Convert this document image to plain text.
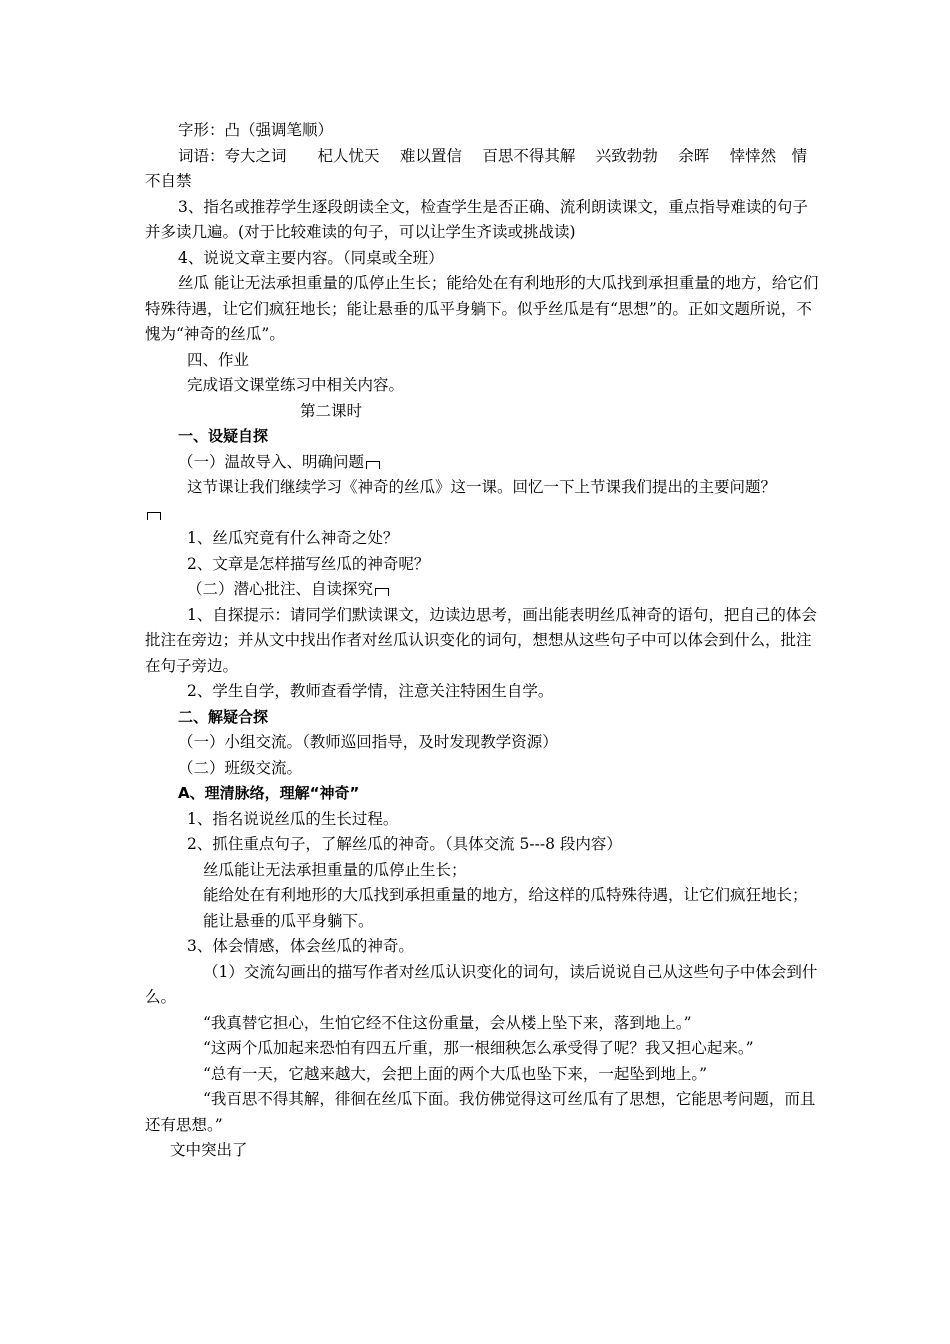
字形：凸（强调笔顺）

词语：夸大之词　　杞人忧天　 难以置信　 百思不得其解　 兴致勃勃　 余晖　 悻悻然　情不自禁

3、指名或推荐学生逐段朗读全文，检查学生是否正确、流利朗读课文，重点指导难读的句子并多读几遍。(对于比较难读的句子，可以让学生齐读或挑战读)

4、说说文章主要内容。（同桌或全班）

丝瓜 能让无法承担重量的瓜停止生长；能给处在有利地形的大瓜找到承担重量的地方，给它们特殊待遇，让它们疯狂地长；能让悬垂的瓜平身躺下。似乎丝瓜是有“思想”的。正如文题所说，不愧为“神奇的丝瓜”。

四、作业

完成语文课堂练习中相关内容。

第二课时

一、设疑自探

（一）温故导入、明确问题

这节课让我们继续学习《神奇的丝瓜》这一课。回忆一下上节课我们提出的主要问题？

1、丝瓜究竟有什么神奇之处？

2、文章是怎样描写丝瓜的神奇呢？

（二）潜心批注、自读探究

1、自探提示：请同学们默读课文，边读边思考，画出能表明丝瓜神奇的语句，把自己的体会批注在旁边；并从文中找出作者对丝瓜认识变化的词句，想想从这些句子中可以体会到什么，批注在句子旁边。

2、学生自学，教师查看学情，注意关注特困生自学。

二、解疑合探

（一）小组交流。（教师巡回指导，及时发现教学资源）

（二）班级交流。

A、理清脉络，理解“神奇”

1、指名说说丝瓜的生长过程。

2、抓住重点句子，了解丝瓜的神奇。（具体交流 5---8 段内容）

丝瓜能让无法承担重量的瓜停止生长；

能给处在有利地形的大瓜找到承担重量的地方，给这样的瓜特殊待遇，让它们疯狂地长；

能让悬垂的瓜平身躺下。

3、体会情感，体会丝瓜的神奇。

（1）交流勾画出的描写作者对丝瓜认识变化的词句，读后说说自己从这些句子中体会到什么。

“我真替它担心，生怕它经不住这份重量，会从楼上坠下来，落到地上。”

“这两个瓜加起来恐怕有四五斤重，那一根细秧怎么承受得了呢？我又担心起来。”

“总有一天，它越来越大，会把上面的两个大瓜也坠下来，一起坠到地上。”

“我百思不得其解，徘徊在丝瓜下面。我仿佛觉得这可丝瓜有了思想，它能思考问题，而且还有思想。”

文中突出了
